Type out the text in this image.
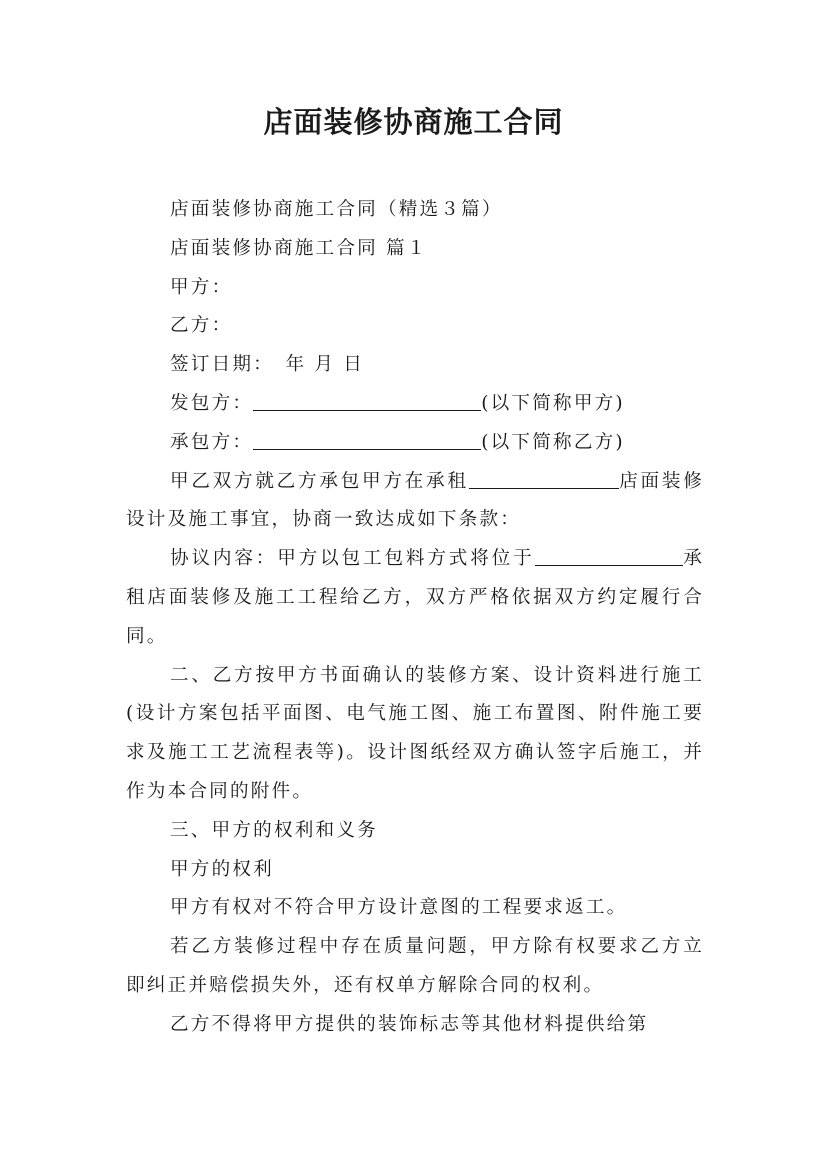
店面装修协商施工合同

店面装修协商施工合同（精选３篇）

店面装修协商施工合同 篇１

甲方：

乙方：

签订日期：　年 月 日

发包方：	(以下简称甲方)

承包方：	(以下简称乙方)

甲乙双方就乙方承包甲方在承租	店面装修设计及施工事宜，协商一致达成如下条款：

协议内容：甲方以包工包料方式将位于	承租店面装修及施工工程给乙方，双方严格依据双方约定履行合同。

二、乙方按甲方书面确认的装修方案、设计资料进行施工(设计方案包括平面图、电气施工图、施工布置图、附件施工要求及施工工艺流程表等)。设计图纸经双方确认签字后施工，并作为本合同的附件。

三、甲方的权利和义务

甲方的权利

甲方有权对不符合甲方设计意图的工程要求返工。

若乙方装修过程中存在质量问题，甲方除有权要求乙方立即纠正并赔偿损失外，还有权单方解除合同的权利。

乙方不得将甲方提供的装饰标志等其他材料提供给第
